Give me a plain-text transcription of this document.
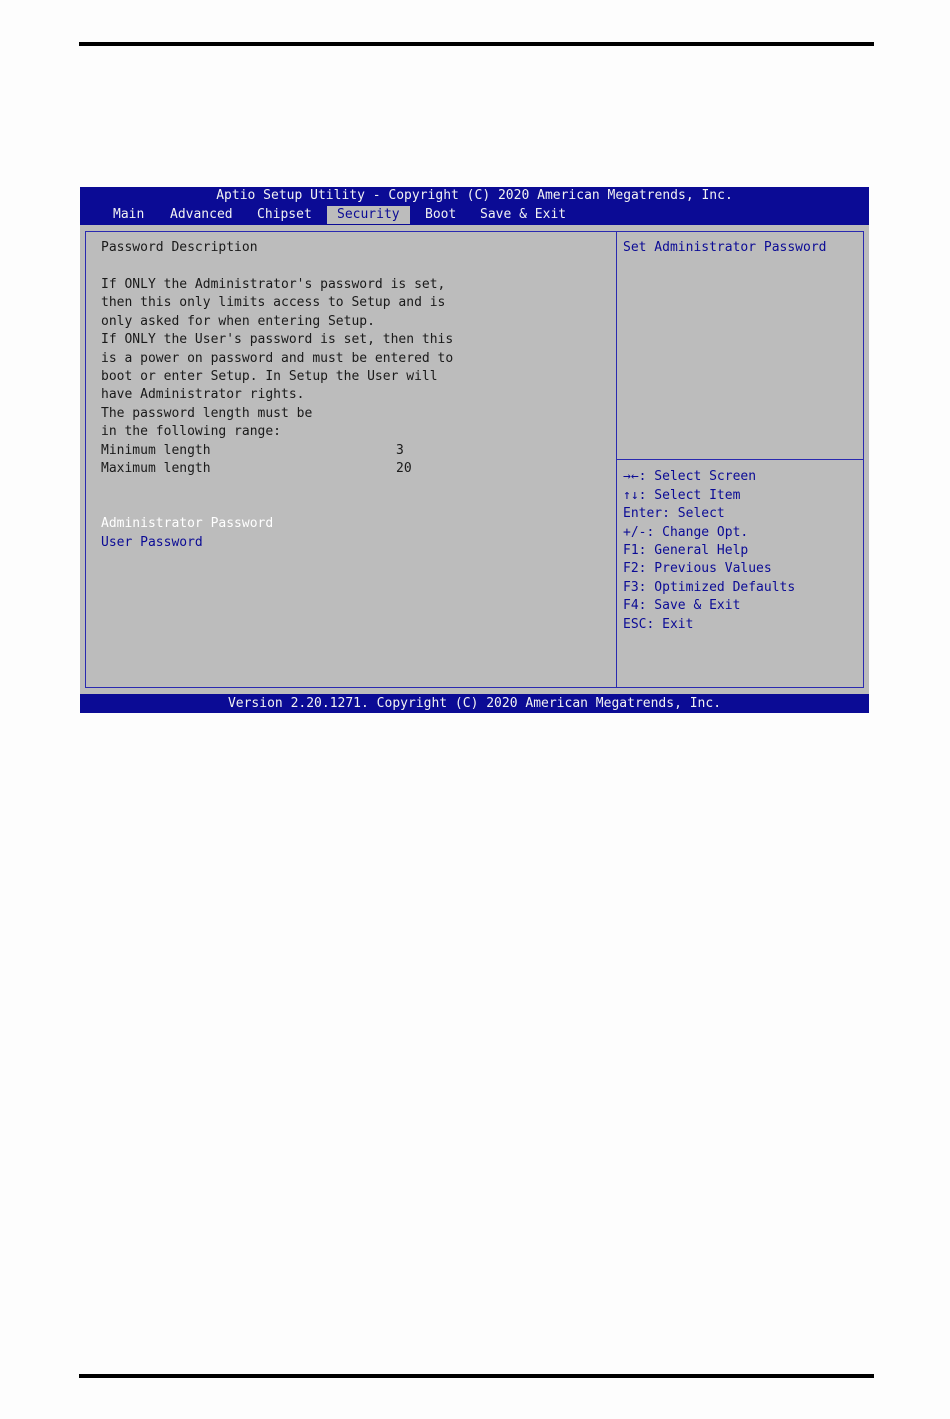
Aptio Setup Utility - Copyright (C) 2020 American Megatrends, Inc.
Main Advanced Chipset	Security	Boot Save & Exit
Password Description
If ONLY the Administrator's password is set,
then this only limits access to Setup and is
only asked for when entering Setup.
If ONLY the User's password is set, then this
is a power on password and must be entered to
boot or enter Setup. In Setup the User will
have Administrator rights.
The password length must be
in the following range:
Minimum length	3
Maximum length	20
Administrator Password
User Password
Set Administrator Password
→←: Select Screen
↑↓: Select Item
Enter: Select
+/-: Change Opt.
F1: General Help
F2: Previous Values
F3: Optimized Defaults
F4: Save & Exit
ESC: Exit
Version 2.20.1271. Copyright (C) 2020 American Megatrends, Inc.
